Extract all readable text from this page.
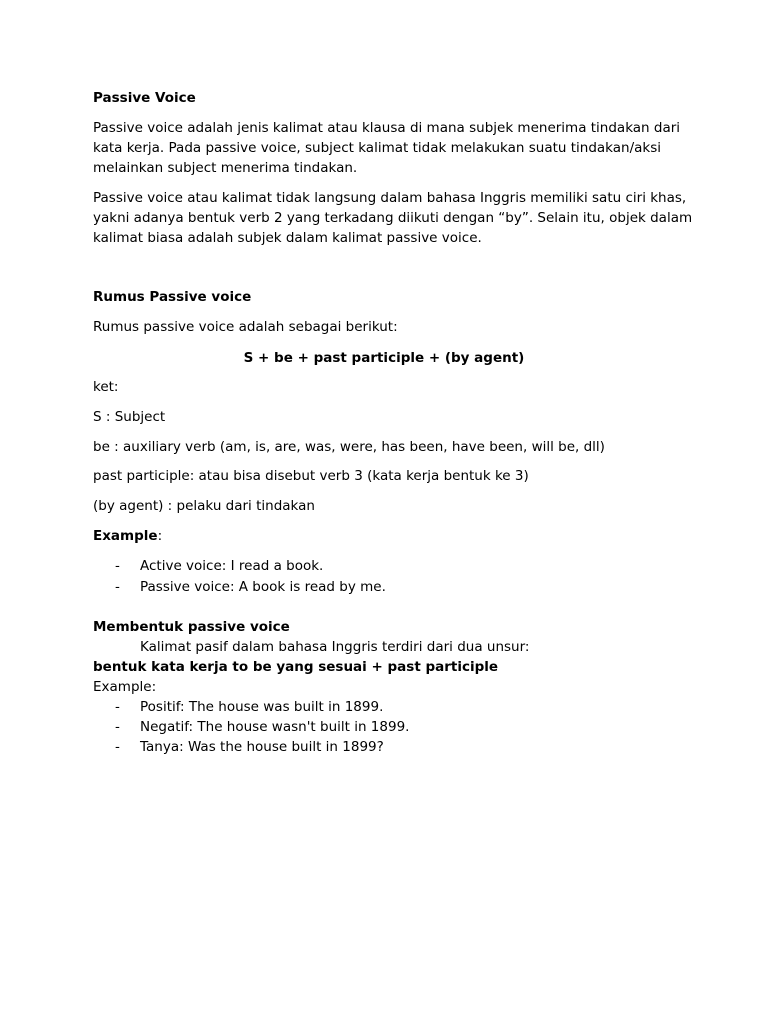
Passive Voice
Passive voice adalah jenis kalimat atau klausa di mana subjek menerima tindakan dari
kata kerja. Pada passive voice, subject kalimat tidak melakukan suatu tindakan/aksi
melainkan subject menerima tindakan.
Passive voice atau kalimat tidak langsung dalam bahasa Inggris memiliki satu ciri khas,
yakni adanya bentuk verb 2 yang terkadang diikuti dengan “by”. Selain itu, objek dalam
kalimat biasa adalah subjek dalam kalimat passive voice.
Rumus Passive voice
Rumus passive voice adalah sebagai berikut:
S + be + past participle + (by agent)
ket:
S : Subject
be : auxiliary verb (am, is, are, was, were, has been, have been, will be, dll)
past participle: atau bisa disebut verb 3 (kata kerja bentuk ke 3)
(by agent) : pelaku dari tindakan
Example:
- Active voice: I read a book.
- Passive voice: A book is read by me.
Membentuk passive voice
Kalimat pasif dalam bahasa Inggris terdiri dari dua unsur:
bentuk kata kerja to be yang sesuai + past participle
Example:
- Positif: The house was built in 1899.
- Negatif: The house wasn't built in 1899.
- Tanya: Was the house built in 1899?
